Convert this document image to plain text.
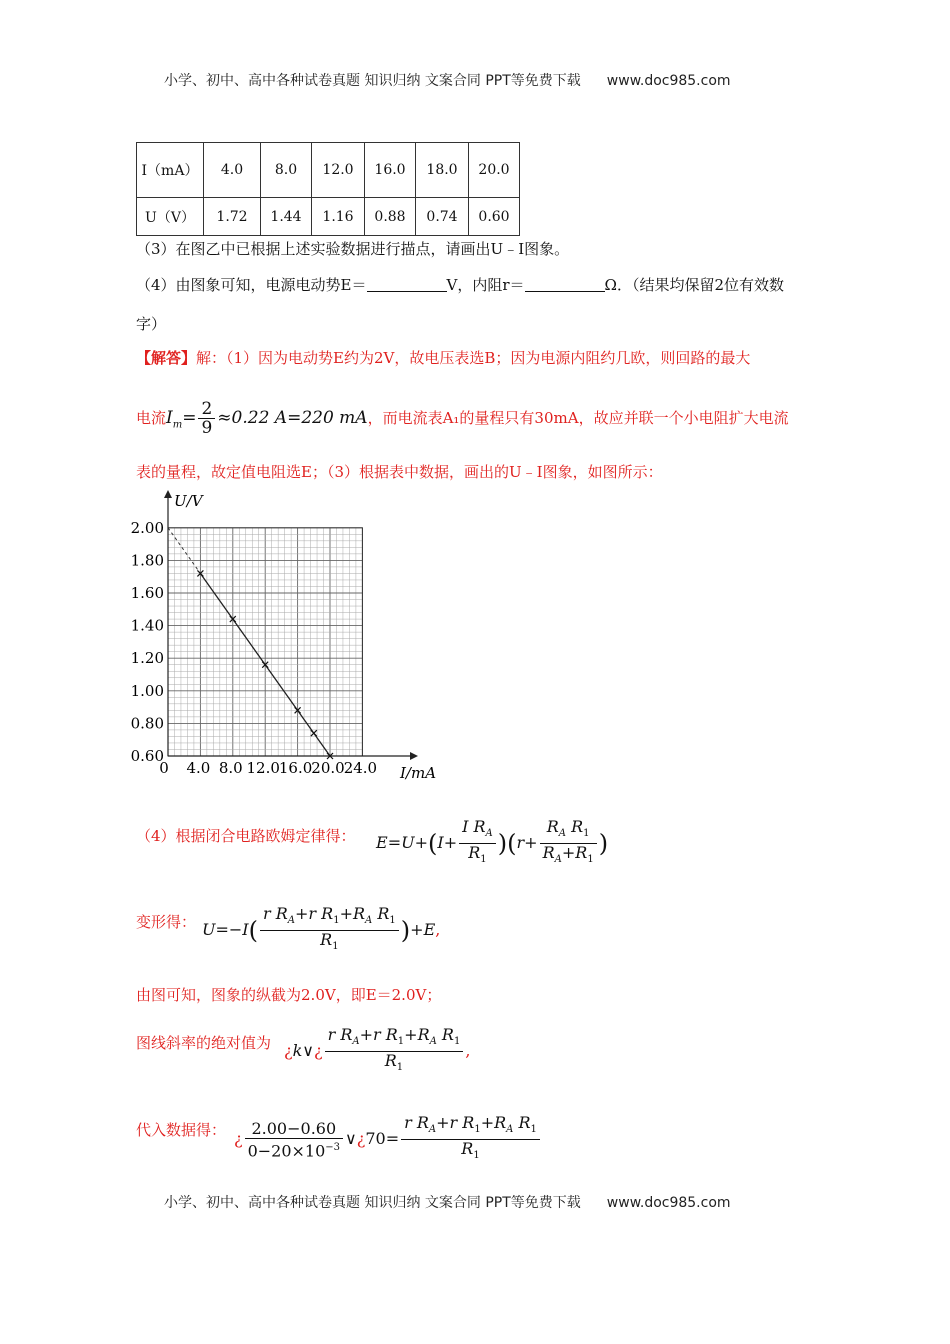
小学、初中、高中各种试卷真题 知识归纳 文案合同 PPT等免费下载 www.doc985.com
I（mA）	4.0	8.0	12.0	16.0	18.0	20.0
U（V）	1.72	1.44	1.16	0.88	0.74	0.60
（3）在图乙中已根据上述实验数据进行描点，请画出U﹣I图象。
（4）由图象可知，电源电动势E＝	V，内阻r＝	Ω．（结果均保留2位有效数
字）
【解答】解：（1）因为电动势E约为2V，故电压表选B；因为电源内阻约几欧，则回路的最大
电流$I_m= \frac{2}{9} \approx 0.22$ A=220 mA，而电流表A₁的量程只有30mA，故应并联一个小电阻扩大电流
表的量程，故定值电阻选E；（3）根据表中数据，画出的U﹣I图象，如图所示：
0 4.0 8.0 12.0
16.0
20.0
24.0
0.60
0.80
1.00
1.20
1.40
1.60
1.80
2.00
U/V
I/mA
（4）根据闭合电路欧姆定律得： $E=U+(I+ \frac{I R_A}{R_1} )(r+ \frac{R_A R_1}{R_A+R_1}$ )
变形得： $U=-I( \frac{r R_A+r R_1+R_A R_1}{R_1} )+E$,
由图可知，图象的纵截为2.0V，即E＝2.0V；
图线斜率的绝对值为 ¿k∨¿ $\frac{r R_A+r R_1+R_A R_1}{R_1}$ ,
代入数据得： ¿ $\frac{2.00-0.60}{0-20\times 10^{-3}}$ ∨¿70= $\frac{r R_A+r R_1+R_A R_1}{R_1}$
小学、初中、高中各种试卷真题 知识归纳 文案合同 PPT等免费下载 www.doc985.com
